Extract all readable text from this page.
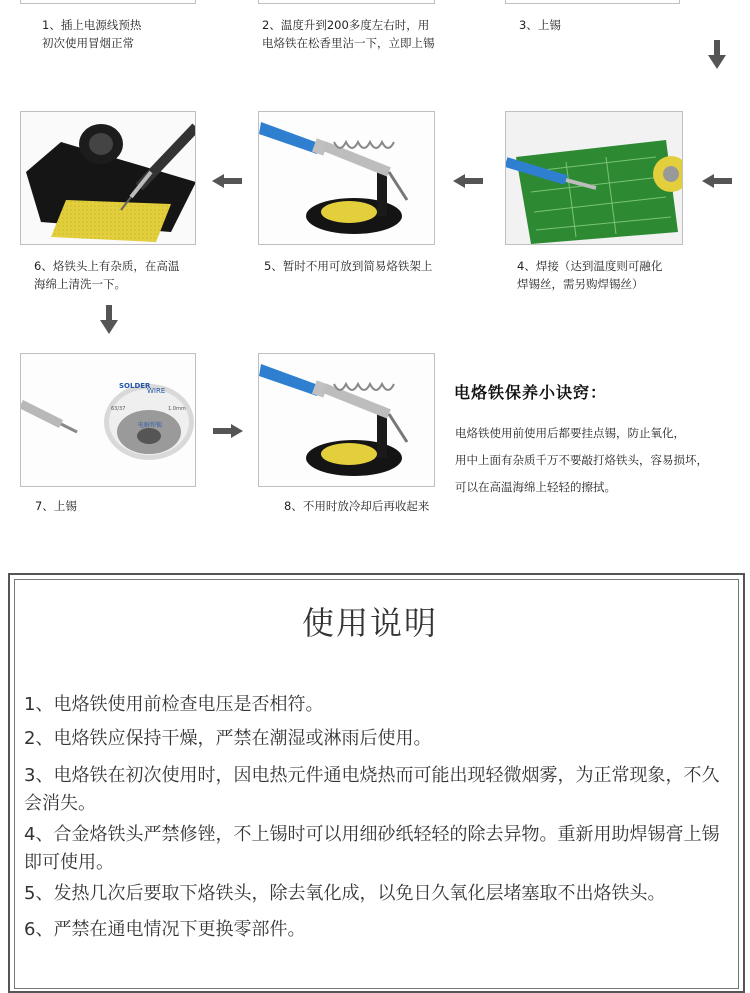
1、插上电源线预热
初次使用冒烟正常
2、温度升到200多度左右时，用
电烙铁在松香里沾一下，立即上锡
3、上锡
6、烙铁头上有杂质，在高温
海绵上清洗一下。
5、暂时不用可放到简易烙铁架上	4、焊接（达到温度则可融化
焊锡丝，需另购焊锡丝）
SOLDER
WIRE
63/37	1.0mm
电解焊锡
7、上锡	8、不用时放冷却后再收起来
电烙铁保养小诀窍：
电烙铁使用前使用后都要挂点锡，防止氧化，
用中上面有杂质千万不要敲打烙铁头，容易损坏，
可以在高温海绵上轻轻的擦拭。
使用说明
1、电烙铁使用前检查电压是否相符。
2、电烙铁应保持干燥，严禁在潮湿或淋雨后使用。
3、电烙铁在初次使用时，因电热元件通电烧热而可能出现轻微烟雾，为正常现象，不久会消失。
4、合金烙铁头严禁修锉，不上锡时可以用细砂纸轻轻的除去异物。重新用助焊锡膏上锡即可使用。
5、发热几次后要取下烙铁头，除去氧化成，以免日久氧化层堵塞取不出烙铁头。
6、严禁在通电情况下更换零部件。
